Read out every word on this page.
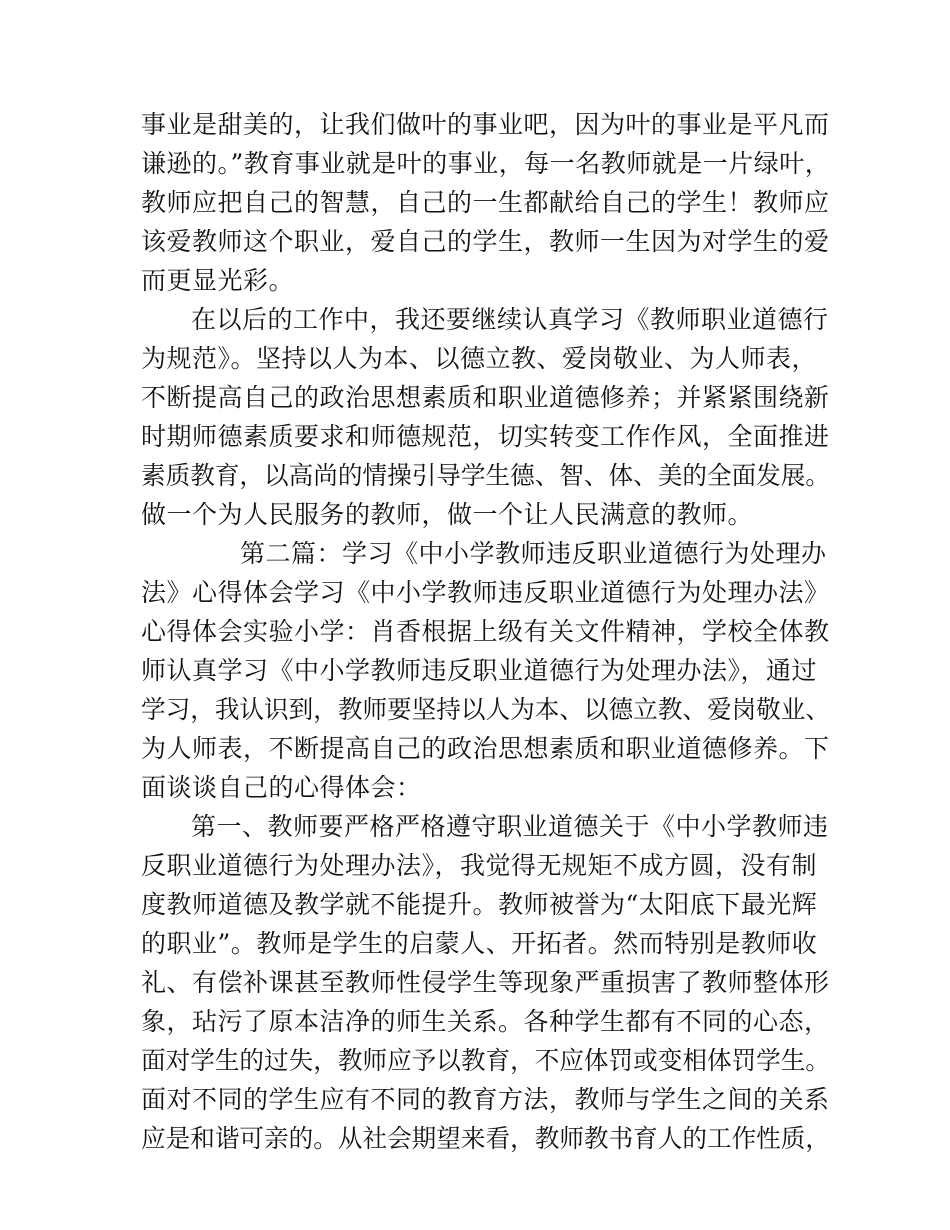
事业是甜美的，让我们做叶的事业吧，因为叶的事业是平凡而
谦逊的。”教育事业就是叶的事业，每一名教师就是一片绿叶，
教师应把自己的智慧，自己的一生都献给自己的学生！教师应
该爱教师这个职业，爱自己的学生，教师一生因为对学生的爱
而更显光彩。
在以后的工作中，我还要继续认真学习《教师职业道德行
为规范》。坚持以人为本、以德立教、爱岗敬业、为人师表，
不断提高自己的政治思想素质和职业道德修养；并紧紧围绕新
时期师德素质要求和师德规范，切实转变工作作风，全面推进
素质教育，以高尚的情操引导学生德、智、体、美的全面发展。
做一个为人民服务的教师，做一个让人民满意的教师。
第二篇：学习《中小学教师违反职业道德行为处理办
法》心得体会学习《中小学教师违反职业道德行为处理办法》
心得体会实验小学：肖香根据上级有关文件精神，学校全体教
师认真学习《中小学教师违反职业道德行为处理办法》，通过
学习，我认识到，教师要坚持以人为本、以德立教、爱岗敬业、
为人师表，不断提高自己的政治思想素质和职业道德修养。下
面谈谈自己的心得体会：
第一、教师要严格严格遵守职业道德关于《中小学教师违
反职业道德行为处理办法》，我觉得无规矩不成方圆，没有制
度教师道德及教学就不能提升。教师被誉为“太阳底下最光辉
的职业”。教师是学生的启蒙人、开拓者。然而特别是教师收
礼、有偿补课甚至教师性侵学生等现象严重损害了教师整体形
象，玷污了原本洁净的师生关系。各种学生都有不同的心态，
面对学生的过失，教师应予以教育，不应体罚或变相体罚学生。
面对不同的学生应有不同的教育方法，教师与学生之间的关系
应是和谐可亲的。从社会期望来看，教师教书育人的工作性质，
